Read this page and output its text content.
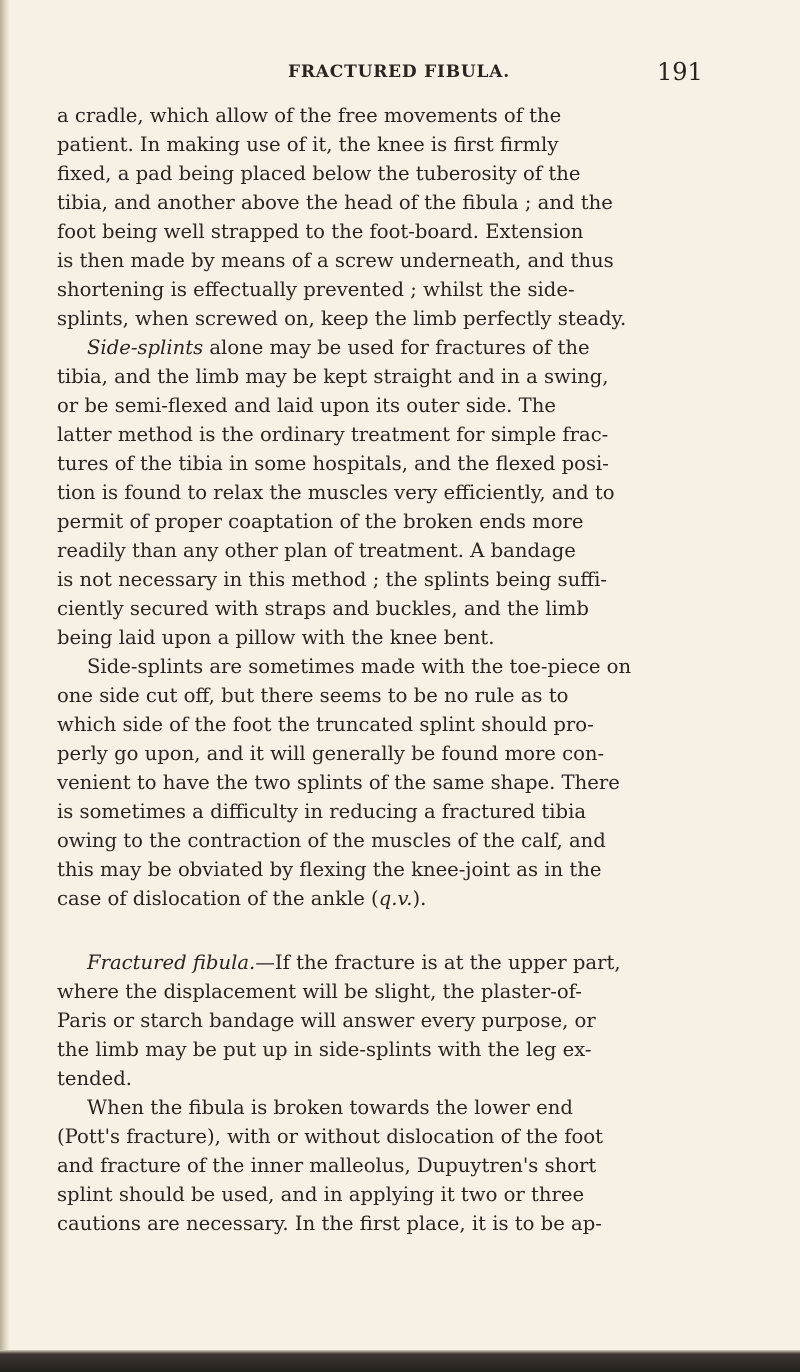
FRACTURED FIBULA.	191
a cradle, which allow of the free movements of the
patient. In making use of it, the knee is first firmly
fixed, a pad being placed below the tuberosity of the
tibia, and another above the head of the fibula ; and the
foot being well strapped to the foot-board. Extension
is then made by means of a screw underneath, and thus
shortening is effectually prevented ; whilst the side-
splints, when screwed on, keep the limb perfectly steady.
Side-splints alone may be used for fractures of the
tibia, and the limb may be kept straight and in a swing,
or be semi-flexed and laid upon its outer side. The
latter method is the ordinary treatment for simple frac-
tures of the tibia in some hospitals, and the flexed posi-
tion is found to relax the muscles very efficiently, and to
permit of proper coaptation of the broken ends more
readily than any other plan of treatment. A bandage
is not necessary in this method ; the splints being suffi-
ciently secured with straps and buckles, and the limb
being laid upon a pillow with the knee bent.
Side-splints are sometimes made with the toe-piece on
one side cut off, but there seems to be no rule as to
which side of the foot the truncated splint should pro-
perly go upon, and it will generally be found more con-
venient to have the two splints of the same shape. There
is sometimes a difficulty in reducing a fractured tibia
owing to the contraction of the muscles of the calf, and
this may be obviated by flexing the knee-joint as in the
case of dislocation of the ankle (q.v.).
Fractured fibula.—If the fracture is at the upper part,
where the displacement will be slight, the plaster-of-
Paris or starch bandage will answer every purpose, or
the limb may be put up in side-splints with the leg ex-
tended.
When the fibula is broken towards the lower end
(Pott's fracture), with or without dislocation of the foot
and fracture of the inner malleolus, Dupuytren's short
splint should be used, and in applying it two or three
cautions are necessary. In the first place, it is to be ap-
